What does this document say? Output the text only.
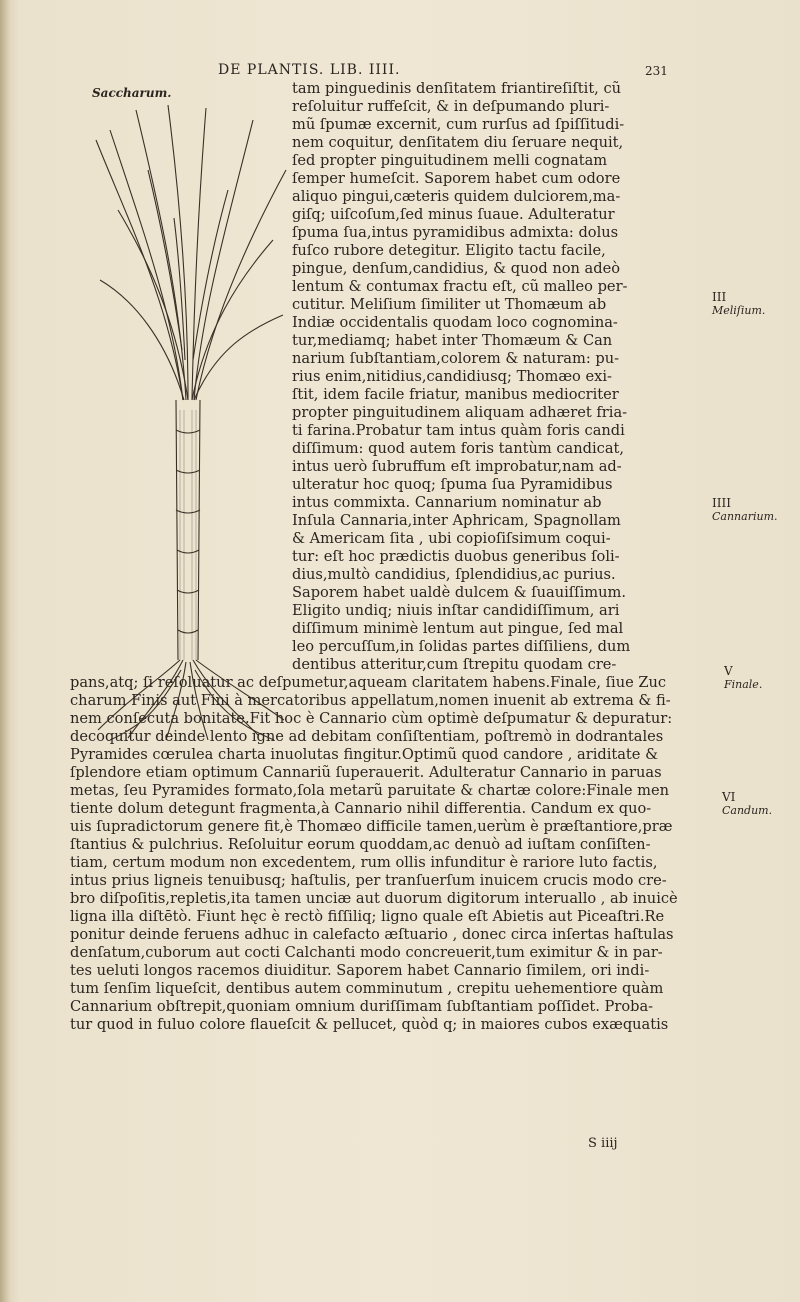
DE PLANTIS. LIB. IIII.	231
Saccharum.	tam pinguedinis denſitatem friantireſiſtit, cũ
reſoluitur ruffeſcit, & in deſpumando pluri-
mũ ſpumæ excernit, cum rurſus ad ſpiſſitudi-
nem coquitur, denſitatem diu ſeruare nequit,
ſed propter pinguitudinem melli cognatam
ſemper humeſcit. Saporem habet cum odore
aliquo pingui,cæteris quidem dulciorem,ma-
giſq; uiſcoſum,ſed minus ſuaue. Adulteratur
ſpuma ſua,intus pyramidibus admixta: dolus
fuſco rubore detegitur. Eligito tactu facile,
pingue, denſum,candidius, & quod non adeò
lentum & contumax fractu eſt, cũ malleo per-
cutitur. Meliſium ſimiliter ut Thomæum ab
Indiæ occidentalis quodam loco cognomina-
tur,mediamq; habet inter Thomæum & Can
narium ſubſtantiam,colorem & naturam: pu-
rius enim,nitidius,candidiusq; Thomæo exi-
ſtit, idem facile friatur, manibus mediocriter
propter pinguitudinem aliquam adhæret fria-
ti farina.Probatur tam intus quàm foris candi
diſſimum: quod autem foris tantùm candicat,
intus uerò ſubruffum eſt improbatur,nam ad-
ulteratur hoc quoq; ſpuma ſua Pyramidibus
intus commixta. Cannarium nominatur ab
Inſula Cannaria,inter Aphricam, Spagnollam
& Americam ſita , ubi copioſiſsimum coqui-
tur: eſt hoc prædictis duobus generibus ſoli-
dius,multò candidius, ſplendidius,ac purius.
Saporem habet ualdè dulcem & ſuauiſſimum.
Eligito undiq; niuis inſtar candidiſſimum, ari
diſſimum minimè lentum aut pingue, ſed mal
leo percuſſum,in ſolidas partes diſſiliens, dum
dentibus atteritur,cum ſtrepitu quodam cre-
pans,atq; ſi reſoluatur ac deſpumetur,aqueam claritatem habens.Finale, ſiue Zuc
charum Finis aut Fini à mercatoribus appellatum,nomen inuenit ab extrema & fi-
nem conſecuta bonitate.Fit hoc è Cannario cùm optimè deſpumatur & depuratur:
decoquitur deinde lento igne ad debitam conſiſtentiam, poſtremò in dodrantales
Pyramides cœrulea charta inuolutas fingitur.Optimũ quod candore , ariditate &
ſplendore etiam optimum Cannariũ ſuperauerit. Adulteratur Cannario in paruas
metas, ſeu Pyramides formato,ſola metarũ paruitate & chartæ colore:Finale men
tiente dolum detegunt fragmenta,à Cannario nihil differentia. Candum ex quo-
uis ſupradictorum genere fit,è Thomæo difficile tamen,uerùm è præſtantiore,præ
ſtantius & pulchrius. Reſoluitur eorum quoddam,ac denuò ad iuſtam conſiſten-
tiam, certum modum non excedentem, rum ollis infunditur è rariore luto factis,
intus prius ligneis tenuibusq; haſtulis, per tranſuerſum inuicem crucis modo cre-
bro diſpoſitis,repletis,ita tamen unciæ aut duorum digitorum interuallo , ab inuicè
ligna illa diſtētò. Fiunt hęc è rectò fiſſiliq; ligno quale eſt Abietis aut Piceaſtri.Re
ponitur deinde feruens adhuc in calefacto æſtuario , donec circa inſertas haſtulas
denſatum,cuborum aut cocti Calchanti modo concreuerit,tum eximitur & in par-
tes ueluti longos racemos diuiditur. Saporem habet Cannario ſimilem, ori indi-
tum ſenſim liqueſcit, dentibus autem comminutum , crepitu uehementiore quàm
Cannarium obſtrepit,quoniam omnium duriſſimam ſubſtantiam poſſidet. Proba-
tur quod in fuluo colore flaueſcit & pellucet, quòd q; in maiores cubos exæquatis
III
Meliſium.
IIII
Cannarium.
V
Finale.
VI
Candum.
S iiij
